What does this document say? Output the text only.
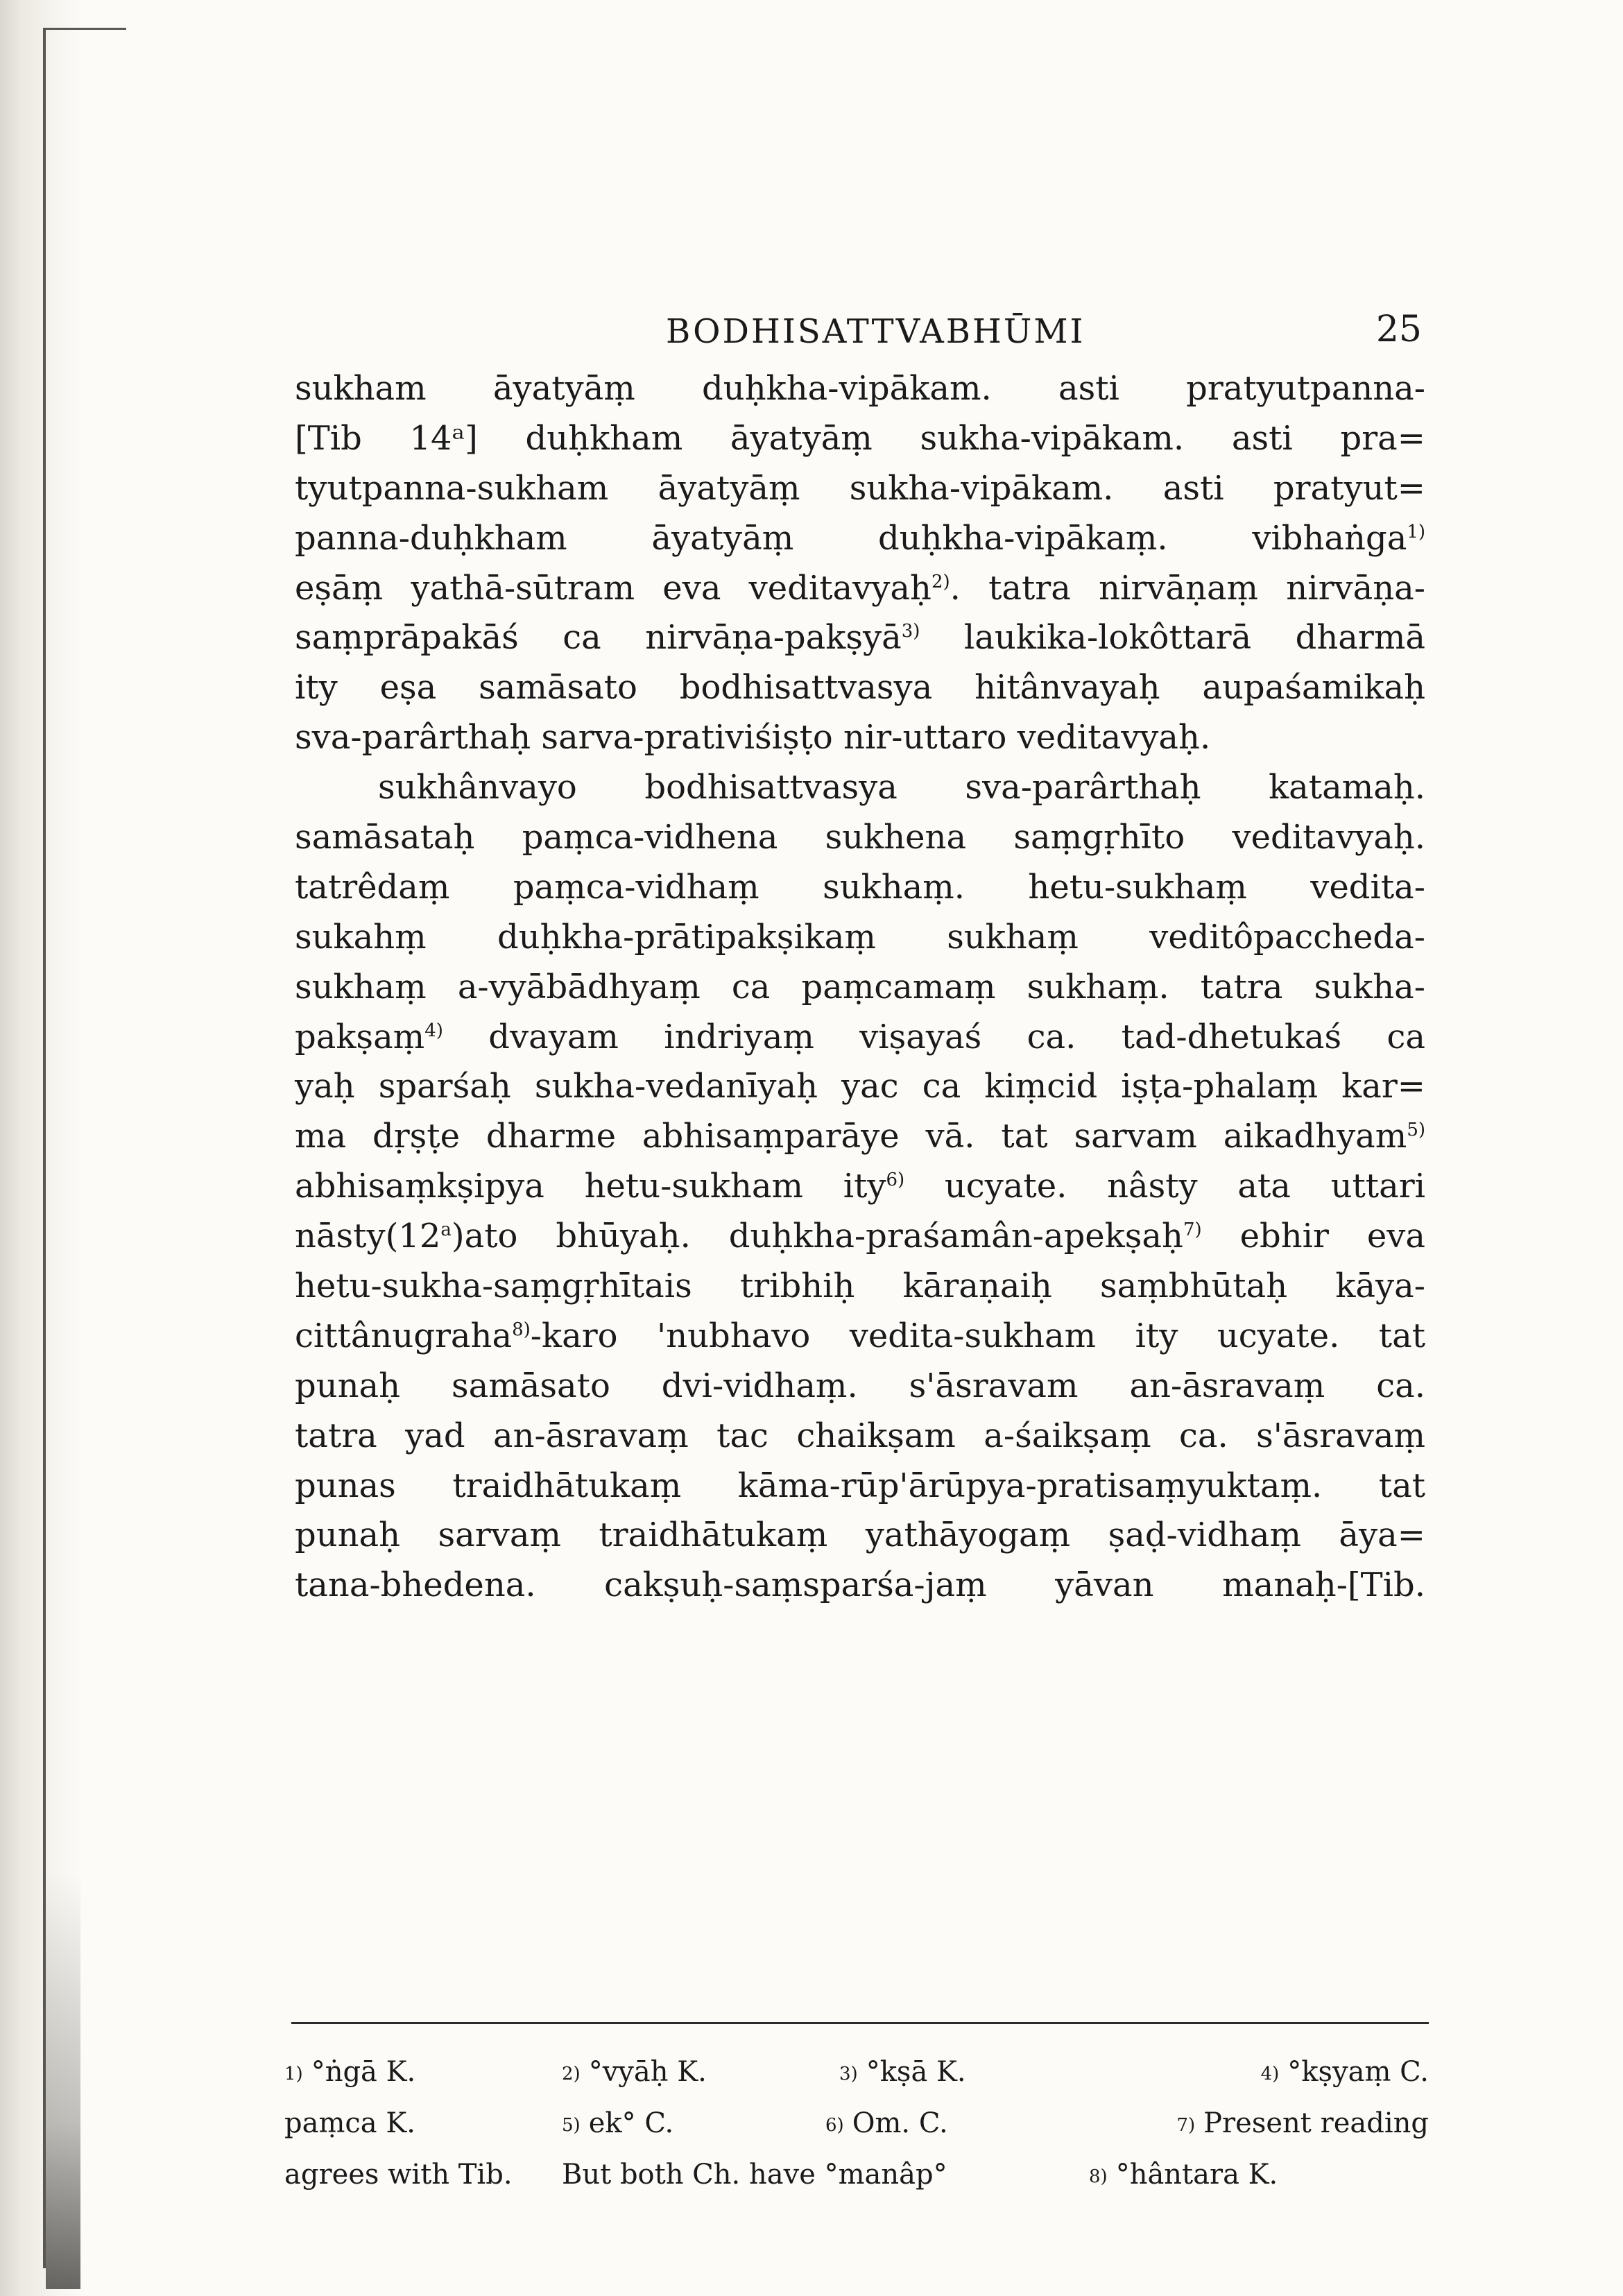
BODHISATTVABHŪMI	25
sukham āyatyāṃ duḥkha-vipākam. asti pratyutpanna-
[Tib 14ᵃ] duḥkham āyatyāṃ sukha-vipākam. asti pra=
tyutpanna-sukham āyatyāṃ sukha-vipākam. asti pratyut=
panna-duḥkham āyatyāṃ duḥkha-vipākaṃ. vibhaṅga$^{1)}$
eṣāṃ yathā-sūtram eva veditavyaḥ$^{2)}$. tatra nirvāṇaṃ nirvāṇa-
saṃprāpakāś ca nirvāṇa-pakṣyā$^{3)}$ laukika-lokôttarā dharmā
ity eṣa samāsato bodhisattvasya hitânvayaḥ aupaśamikaḥ
sva-parârthaḥ sarva-prativiśiṣṭo nir-uttaro veditavyaḥ.
sukhânvayo bodhisattvasya sva-parârthaḥ katamaḥ.
samāsataḥ paṃca-vidhena sukhena saṃgṛhīto veditavyaḥ.
tatrêdaṃ paṃca-vidhaṃ sukhaṃ. hetu-sukhaṃ vedita-
sukahṃ duḥkha-prātipakṣikaṃ sukhaṃ veditôpaccheda-
sukhaṃ a-vyābādhyaṃ ca paṃcamaṃ sukhaṃ. tatra sukha-
pakṣaṃ$^{4)}$ dvayam indriyaṃ viṣayaś ca. tad-dhetukaś ca
yaḥ sparśaḥ sukha-vedanīyaḥ yac ca kiṃcid iṣṭa-phalaṃ kar=
ma dṛṣṭe dharme abhisaṃparāye vā. tat sarvam aikadhyam$^{5)}$
abhisaṃkṣipya hetu-sukham ity$^{6)}$ ucyate. nâsty ata uttari
nāsty(12$^a$)ato bhūyaḥ. duḥkha-praśamân-apekṣaḥ$^{7)}$ ebhir eva
hetu-sukha-saṃgṛhītais tribhiḥ kāraṇaiḥ saṃbhūtaḥ kāya-
cittânugraha$^{8)}$-karo 'nubhavo vedita-sukham ity ucyate. tat
punaḥ samāsato dvi-vidhaṃ. s'āsravam an-āsravaṃ ca.
tatra yad an-āsravaṃ tac chaikṣam a-śaikṣaṃ ca. s'āsravaṃ
punas traidhātukaṃ kāma-rūp'ārūpya-pratisaṃyuktaṃ. tat
punaḥ sarvaṃ traidhātukaṃ yathāyogaṃ ṣaḍ-vidhaṃ āya=
tana-bhedena. cakṣuḥ-saṃsparśa-jaṃ yāvan manaḥ-[Tib.
1) °ṅgā K.	2) °vyāḥ K.	3) °kṣā K.	4) °kṣyaṃ C.
paṃca K.	5) ek° C.	6) Om. C.	7) Present reading
agrees with Tib.	But both Ch. have °manâp°	8) °hântara K.
